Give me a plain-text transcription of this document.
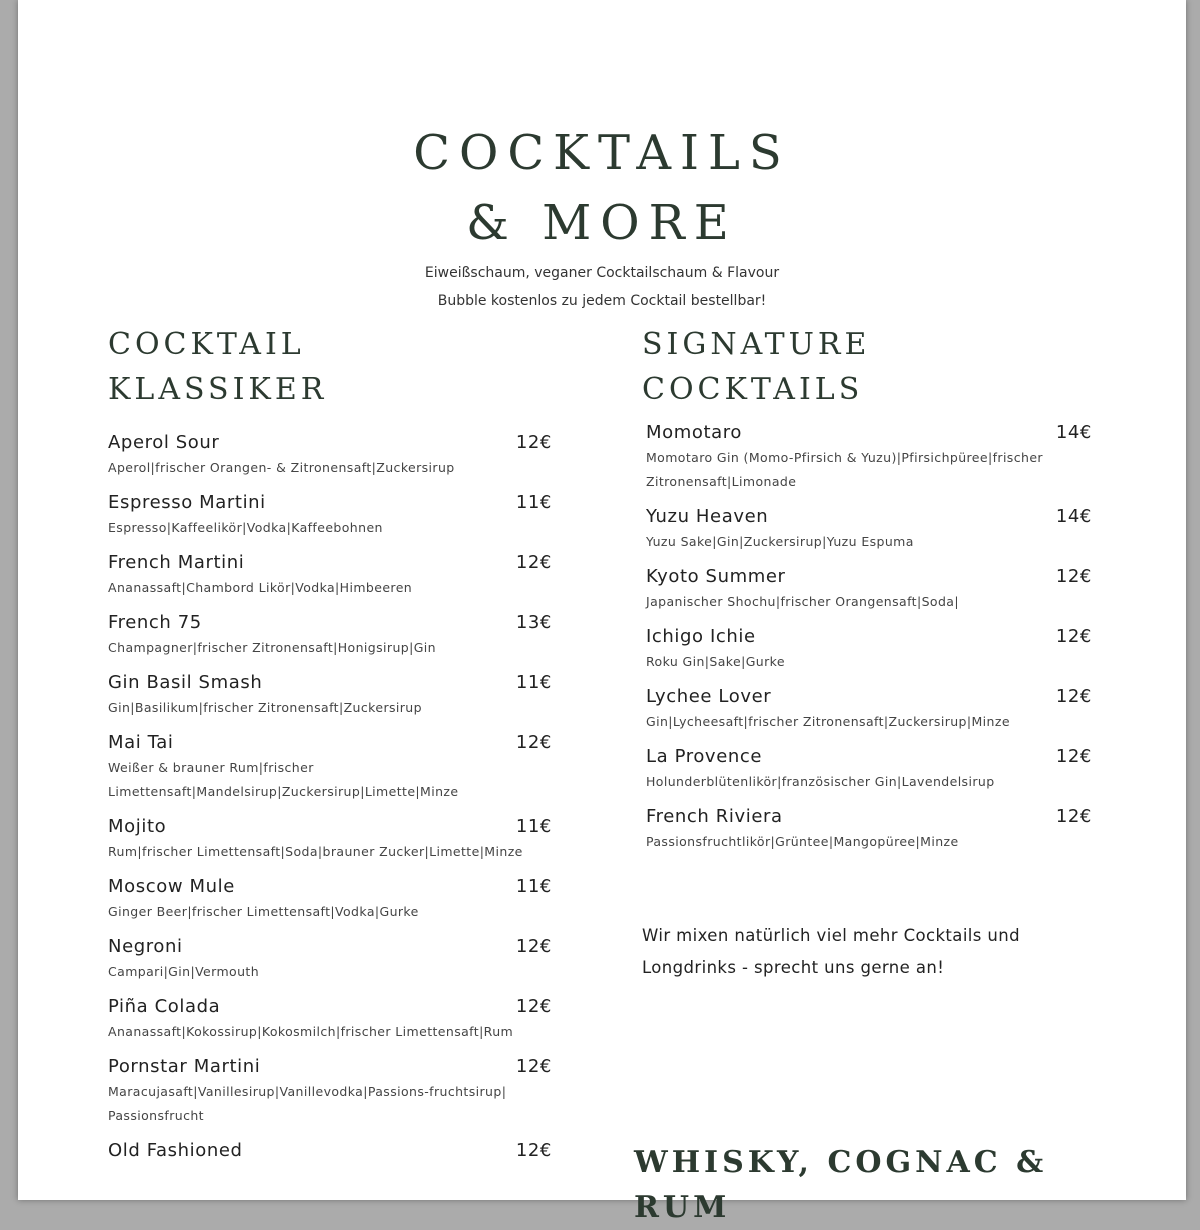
COCKTAILS
& MORE
Eiweißschaum, veganer Cocktailschaum & Flavour
Bubble kostenlos zu jedem Cocktail bestellbar!
COCKTAIL
KLASSIKER
Aperol Sour	12€
Aperol|frischer Orangen- & Zitronensaft|Zuckersirup
Espresso Martini	11€
Espresso|Kaffeelikör|Vodka|Kaffeebohnen
French Martini	12€
Ananassaft|Chambord Likör|Vodka|Himbeeren
French 75	13€
Champagner|frischer Zitronensaft|Honigsirup|Gin
Gin Basil Smash	11€
Gin|Basilikum|frischer Zitronensaft|Zuckersirup
Mai Tai	12€
Weißer & brauner Rum|frischer Limettensaft|Mandelsirup|Zuckersirup|Limette|Minze
Mojito	11€
Rum|frischer Limettensaft|Soda|brauner Zucker|Limette|Minze
Moscow Mule	11€
Ginger Beer|frischer Limettensaft|Vodka|Gurke
Negroni	12€
Campari|Gin|Vermouth
Piña Colada	12€
Ananassaft|Kokossirup|Kokosmilch|frischer Limettensaft|Rum
Pornstar Martini	12€
Maracujasaft|Vanillesirup|Vanillevodka|Passions-fruchtsirup| Passionsfrucht
Old Fashioned	12€
SIGNATURE
COCKTAILS
Momotaro	14€
Momotaro Gin (Momo-Pfirsich & Yuzu)|Pfirsichpüree|frischer Zitronensaft|Limonade
Yuzu Heaven	14€
Yuzu Sake|Gin|Zuckersirup|Yuzu Espuma
Kyoto Summer	12€
Japanischer Shochu|frischer Orangensaft|Soda|
Ichigo Ichie	12€
Roku Gin|Sake|Gurke
Lychee Lover	12€
Gin|Lycheesaft|frischer Zitronensaft|Zuckersirup|Minze
La Provence	12€
Holunderblütenlikör|französischer Gin|Lavendelsirup
French Riviera	12€
Passionsfruchtlikör|Grüntee|Mangopüree|Minze
Wir mixen natürlich viel mehr Cocktails und Longdrinks - sprecht uns gerne an!
WHISKY, COGNAC &
RUM
